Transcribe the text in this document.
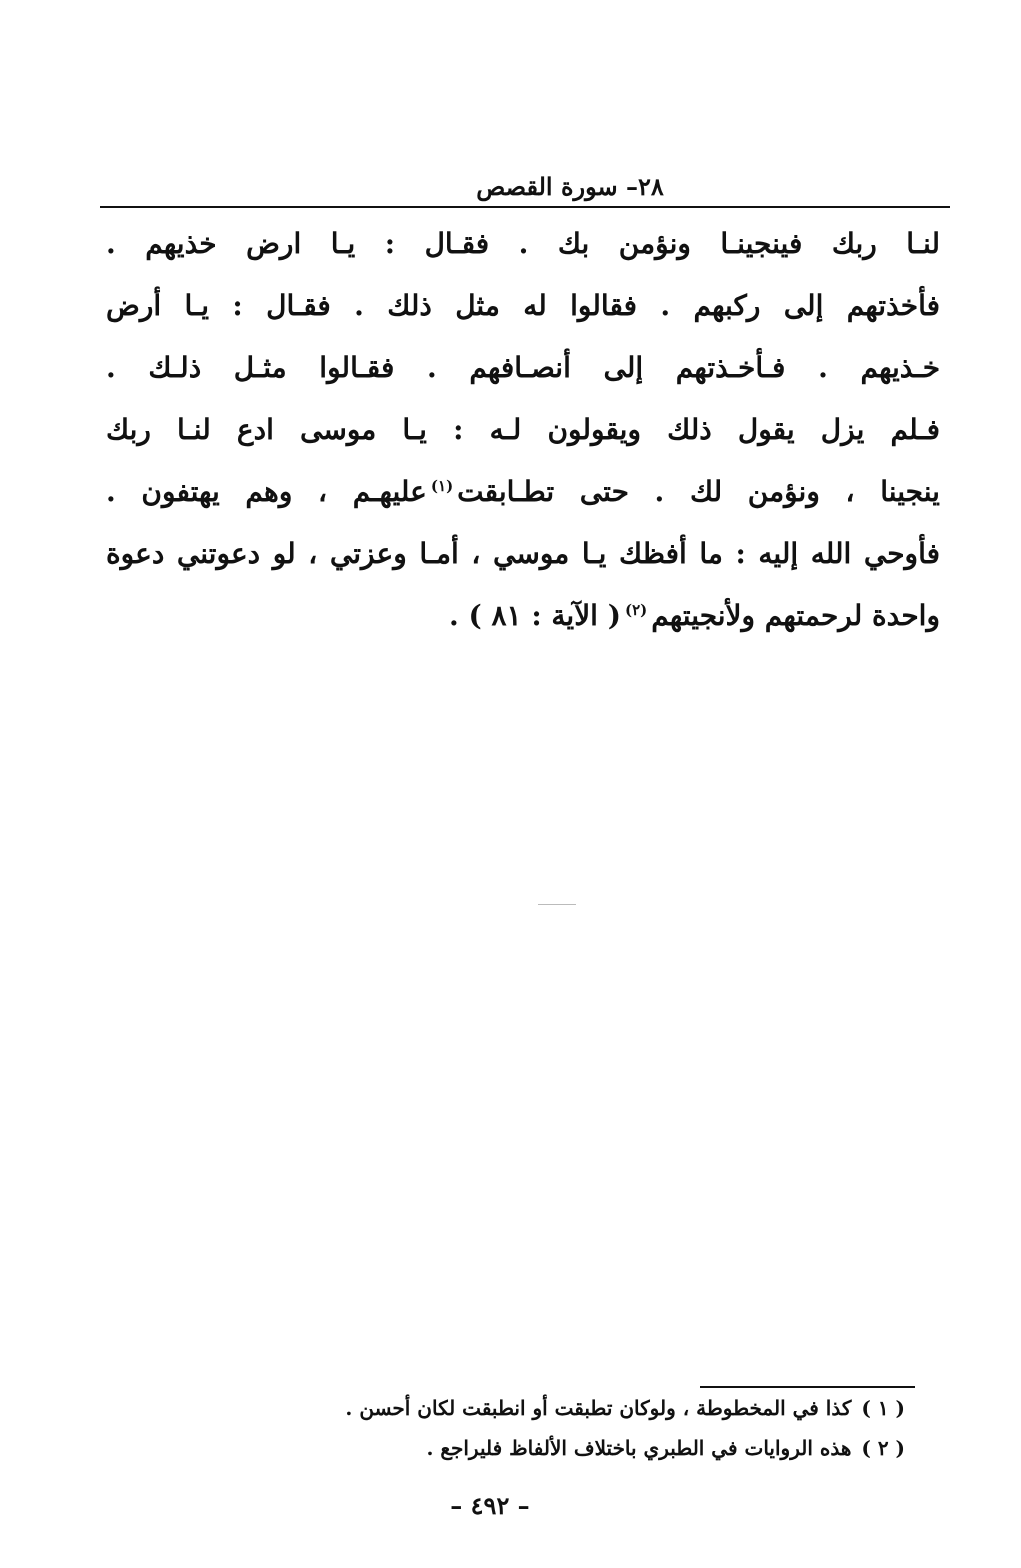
٢٨– سورة القصص
لنـا ربك فينجينـا ونؤمن بك . فقـال : يـا ارض خذيهم .
فأخذتهم إلى ركبهم . فقالوا له مثل ذلك . فقـال : يـا أرض
خـذيهم . فـأخـذتهم إلى أنصـافهم . فقـالوا مثـل ذلـك .
فـلم يزل يقول ذلك ويقولون لـه : يـا موسى ادع لنـا ربك
ينجينا ، ونؤمن لك . حتى تطـابقت$^{(١)}$عليهـم ، وهم يهتفون .
فأوحي الله إليه : ما أفظك يـا موسي ، أمـا وعزتي ، لو دعوتني دعوة
واحدة لرحمتهم ولأنجيتهم$^{(٢)}$( الآية : ٨١ ) .
( ١ )كذا في المخطوطة ، ولوكان تطبقت أو انطبقت لكان أحسن .
( ٢ )هذه الروايات في الطبري باختلاف الألفاظ فليراجع .
– ٤٩٢ –
